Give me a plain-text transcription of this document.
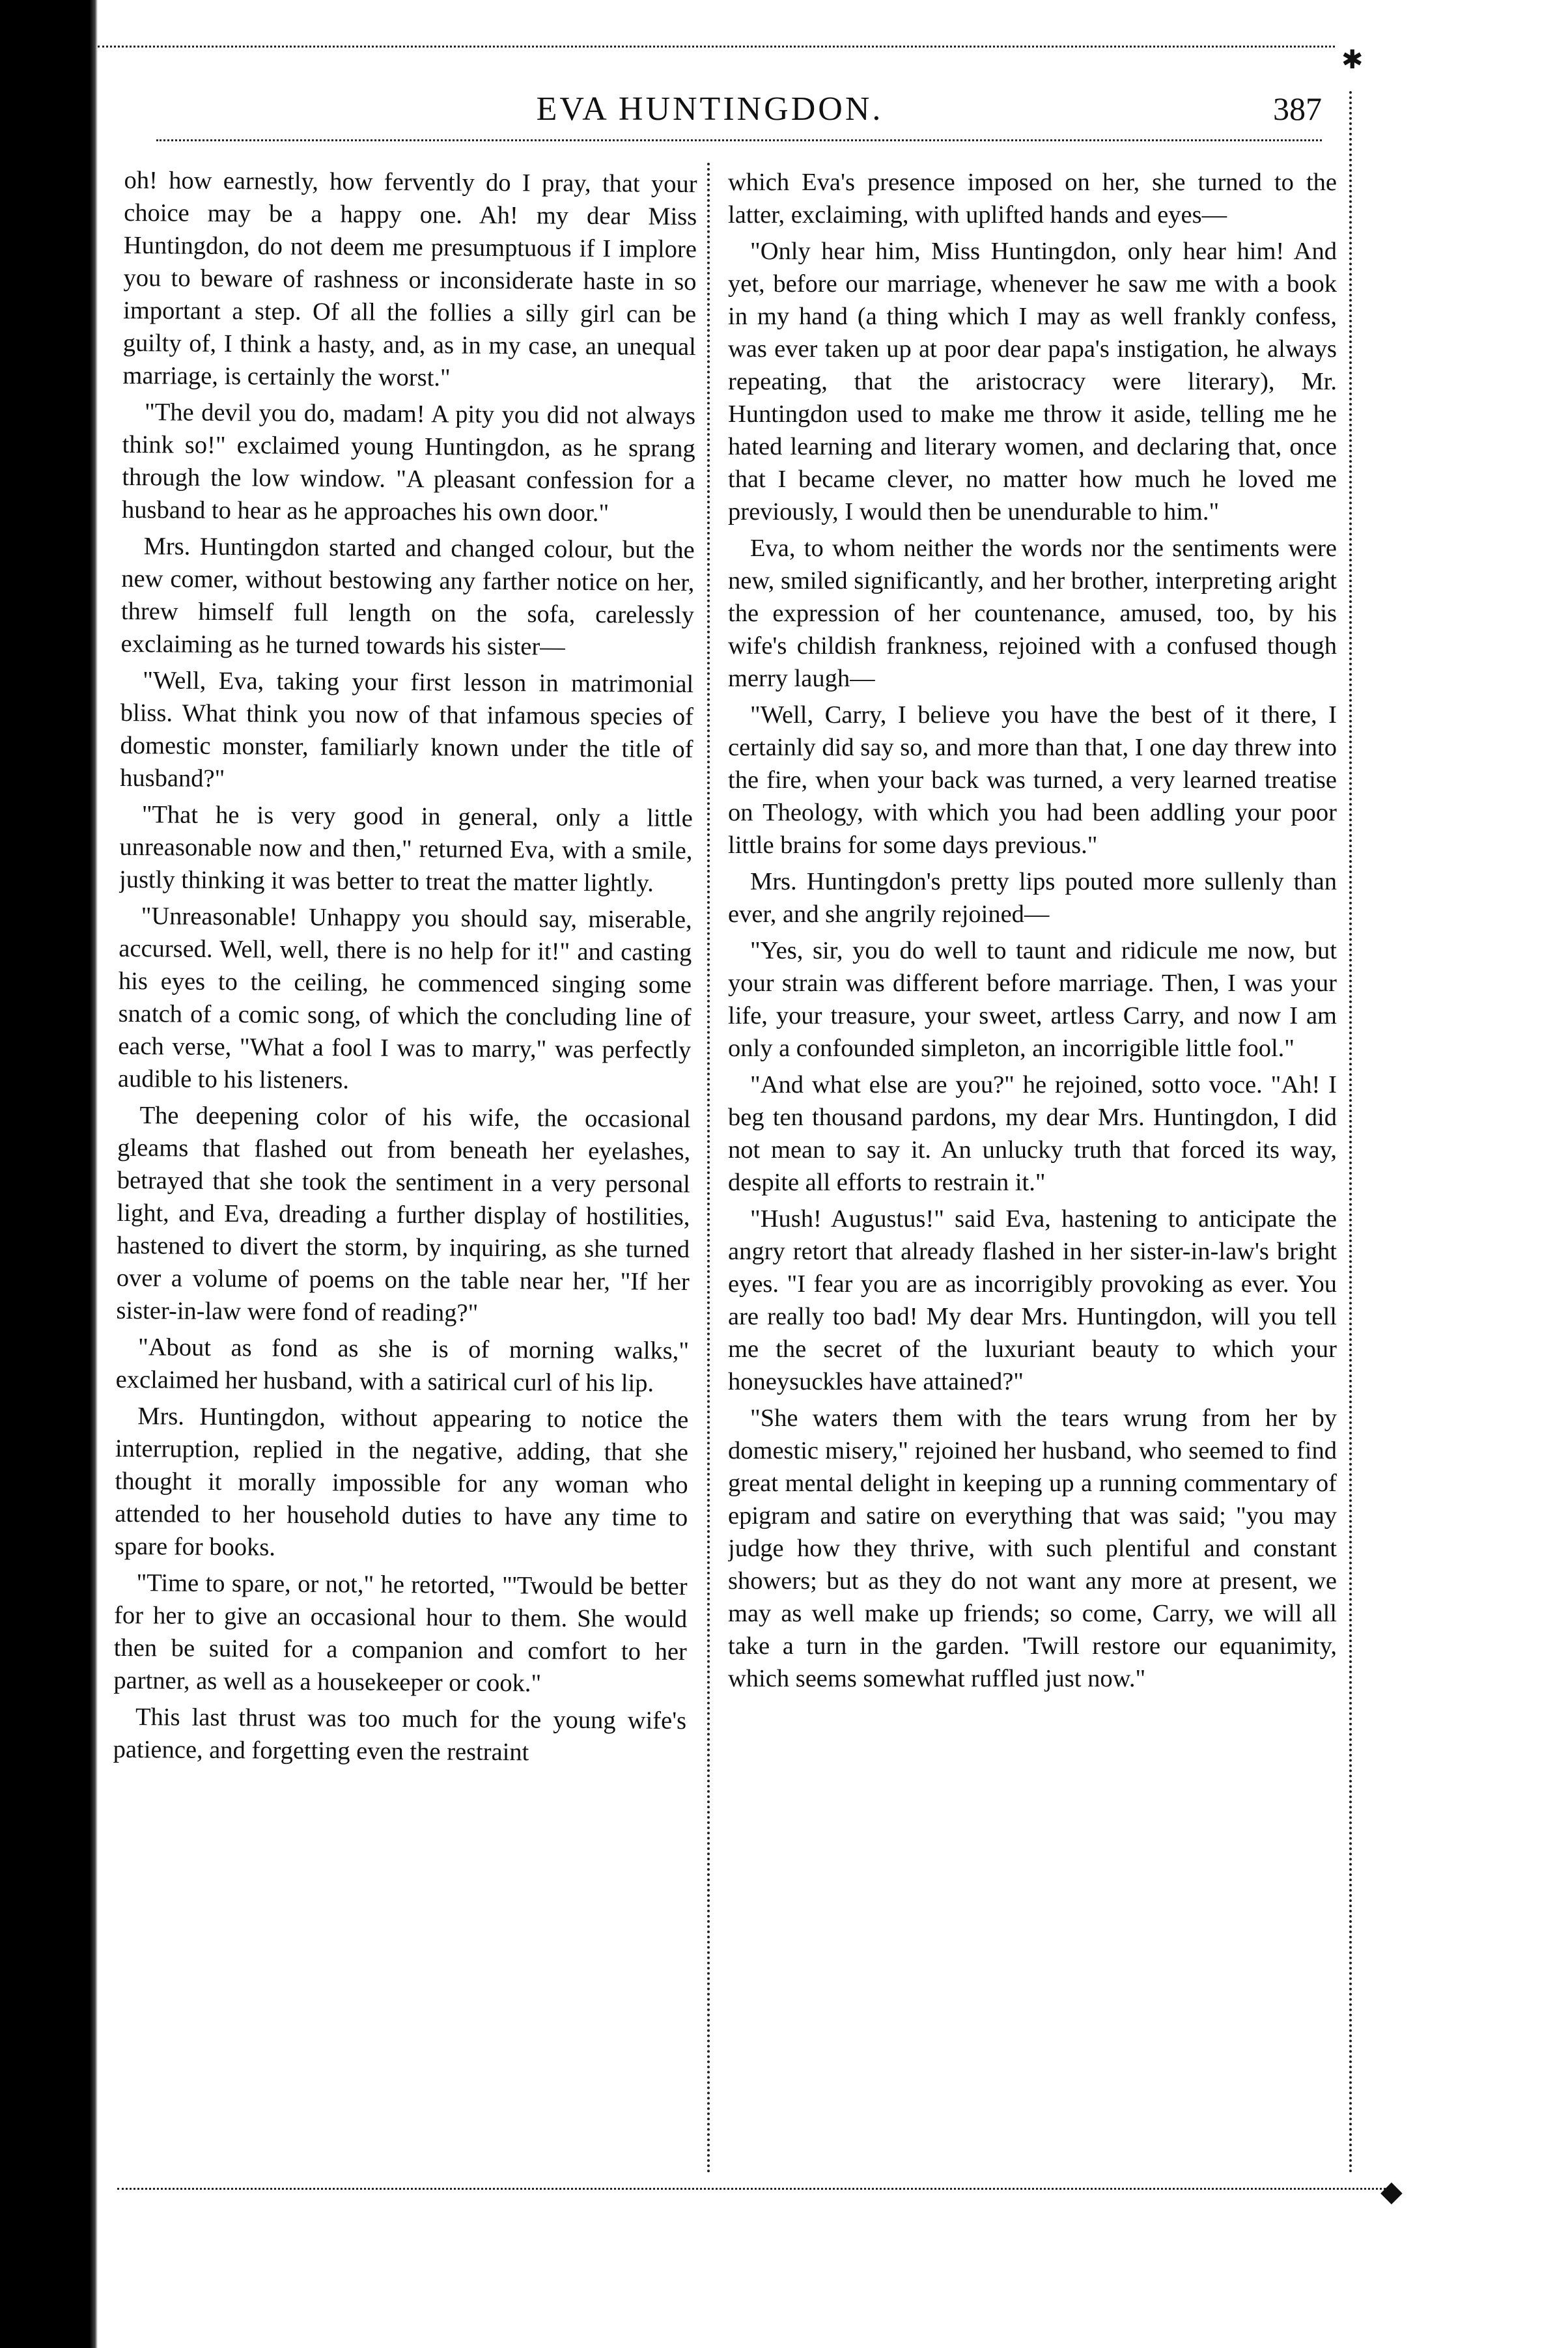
✱
EVA HUNTINGDON.	387

oh! how earnestly, how fervently do I pray, that your choice may be a happy one. Ah! my dear Miss Huntingdon, do not deem me presumptuous if I implore you to beware of rashness or inconsiderate haste in so important a step. Of all the follies a silly girl can be guilty of, I think a hasty, and, as in my case, an unequal marriage, is certainly the worst."

"The devil you do, madam! A pity you did not always think so!" exclaimed young Huntingdon, as he sprang through the low window. "A pleasant confession for a husband to hear as he approaches his own door."

Mrs. Huntingdon started and changed colour, but the new comer, without bestowing any farther notice on her, threw himself full length on the sofa, carelessly exclaiming as he turned towards his sister—

"Well, Eva, taking your first lesson in matrimonial bliss. What think you now of that infamous species of domestic monster, familiarly known under the title of husband?"

"That he is very good in general, only a little unreasonable now and then," returned Eva, with a smile, justly thinking it was better to treat the matter lightly.

"Unreasonable! Unhappy you should say, miserable, accursed. Well, well, there is no help for it!" and casting his eyes to the ceiling, he commenced singing some snatch of a comic song, of which the concluding line of each verse, "What a fool I was to marry," was perfectly audible to his listeners.

The deepening color of his wife, the occasional gleams that flashed out from beneath her eyelashes, betrayed that she took the sentiment in a very personal light, and Eva, dreading a further display of hostilities, hastened to divert the storm, by inquiring, as she turned over a volume of poems on the table near her, "If her sister-in-law were fond of reading?"

"About as fond as she is of morning walks," exclaimed her husband, with a satirical curl of his lip.

Mrs. Huntingdon, without appearing to notice the interruption, replied in the negative, adding, that she thought it morally impossible for any woman who attended to her household duties to have any time to spare for books.

"Time to spare, or not," he retorted, "'Twould be better for her to give an occasional hour to them. She would then be suited for a companion and comfort to her partner, as well as a housekeeper or cook."

This last thrust was too much for the young wife's patience, and forgetting even the restraint

which Eva's presence imposed on her, she turned to the latter, exclaiming, with uplifted hands and eyes—

"Only hear him, Miss Huntingdon, only hear him! And yet, before our marriage, whenever he saw me with a book in my hand (a thing which I may as well frankly confess, was ever taken up at poor dear papa's instigation, he always repeating, that the aristocracy were literary), Mr. Huntingdon used to make me throw it aside, telling me he hated learning and literary women, and declaring that, once that I became clever, no matter how much he loved me previously, I would then be unendurable to him."

Eva, to whom neither the words nor the sentiments were new, smiled significantly, and her brother, interpreting aright the expression of her countenance, amused, too, by his wife's childish frankness, rejoined with a confused though merry laugh—

"Well, Carry, I believe you have the best of it there, I certainly did say so, and more than that, I one day threw into the fire, when your back was turned, a very learned treatise on Theology, with which you had been addling your poor little brains for some days previous."

Mrs. Huntingdon's pretty lips pouted more sullenly than ever, and she angrily rejoined—

"Yes, sir, you do well to taunt and ridicule me now, but your strain was different before marriage. Then, I was your life, your treasure, your sweet, artless Carry, and now I am only a confounded simpleton, an incorrigible little fool."

"And what else are you?" he rejoined, sotto voce. "Ah! I beg ten thousand pardons, my dear Mrs. Huntingdon, I did not mean to say it. An unlucky truth that forced its way, despite all efforts to restrain it."

"Hush! Augustus!" said Eva, hastening to anticipate the angry retort that already flashed in her sister-in-law's bright eyes. "I fear you are as incorrigibly provoking as ever. You are really too bad! My dear Mrs. Huntingdon, will you tell me the secret of the luxuriant beauty to which your honeysuckles have attained?"

"She waters them with the tears wrung from her by domestic misery," rejoined her husband, who seemed to find great mental delight in keeping up a running commentary of epigram and satire on everything that was said; "you may judge how they thrive, with such plentiful and constant showers; but as they do not want any more at present, we may as well make up friends; so come, Carry, we will all take a turn in the garden. 'Twill restore our equanimity, which seems somewhat ruffled just now."

◆
